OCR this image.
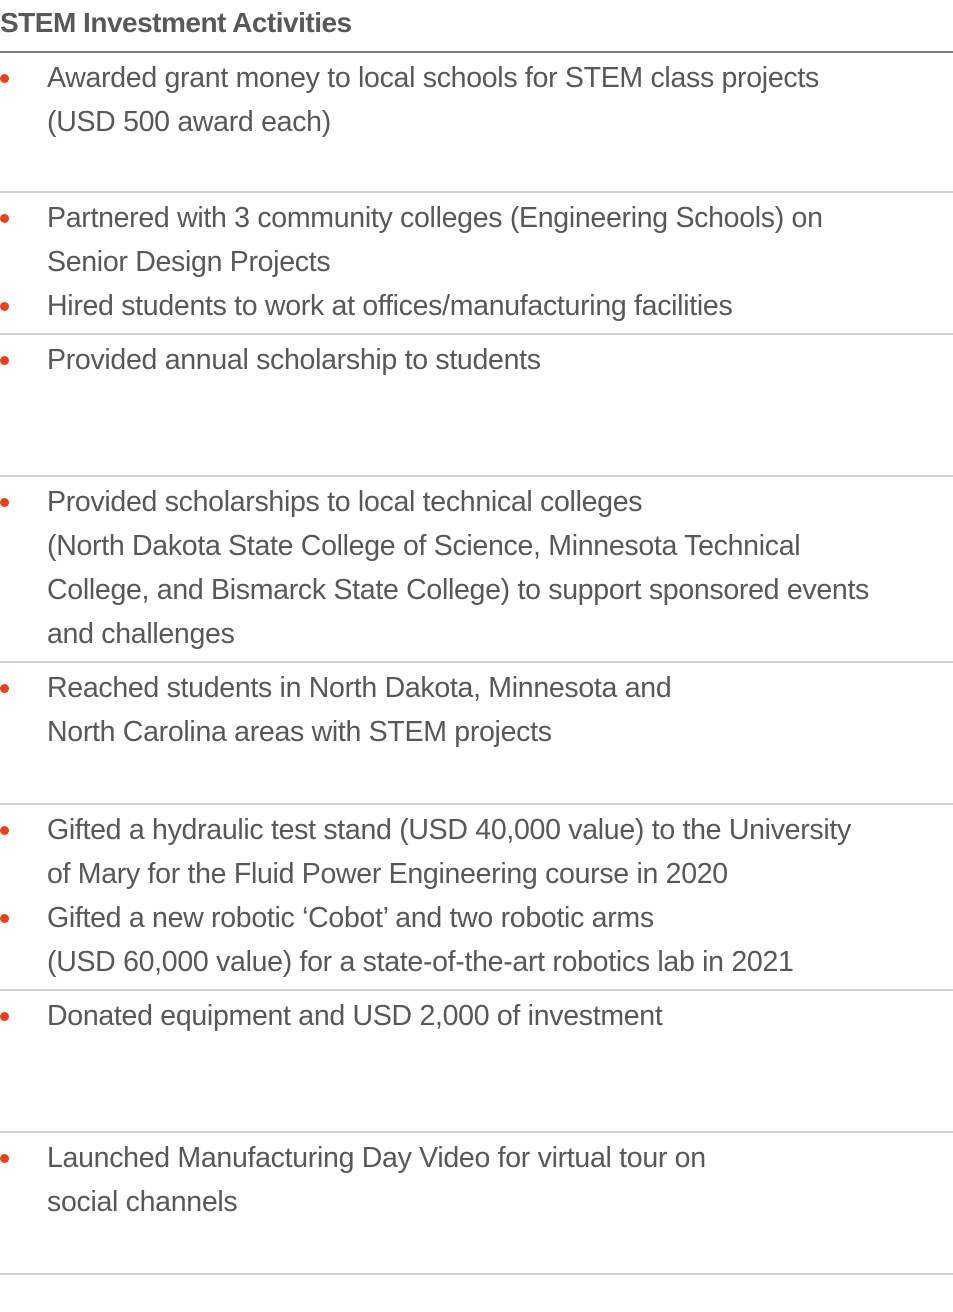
STEM Investment Activities
Awarded grant money to local schools for STEM class projects
(USD 500 award each)
Partnered with 3 community colleges (Engineering Schools) on
Senior Design Projects
Hired students to work at offices/manufacturing facilities
Provided annual scholarship to students
Provided scholarships to local technical colleges
(North Dakota State College of Science, Minnesota Technical
College, and Bismarck State College) to support sponsored events
and challenges
Reached students in North Dakota, Minnesota and
North Carolina areas with STEM projects
Gifted a hydraulic test stand (USD 40,000 value) to the University
of Mary for the Fluid Power Engineering course in 2020
Gifted a new robotic ‘Cobot’ and two robotic arms
(USD 60,000 value) for a state-of-the-art robotics lab in 2021
Donated equipment and USD 2,000 of investment
Launched Manufacturing Day Video for virtual tour on
social channels
